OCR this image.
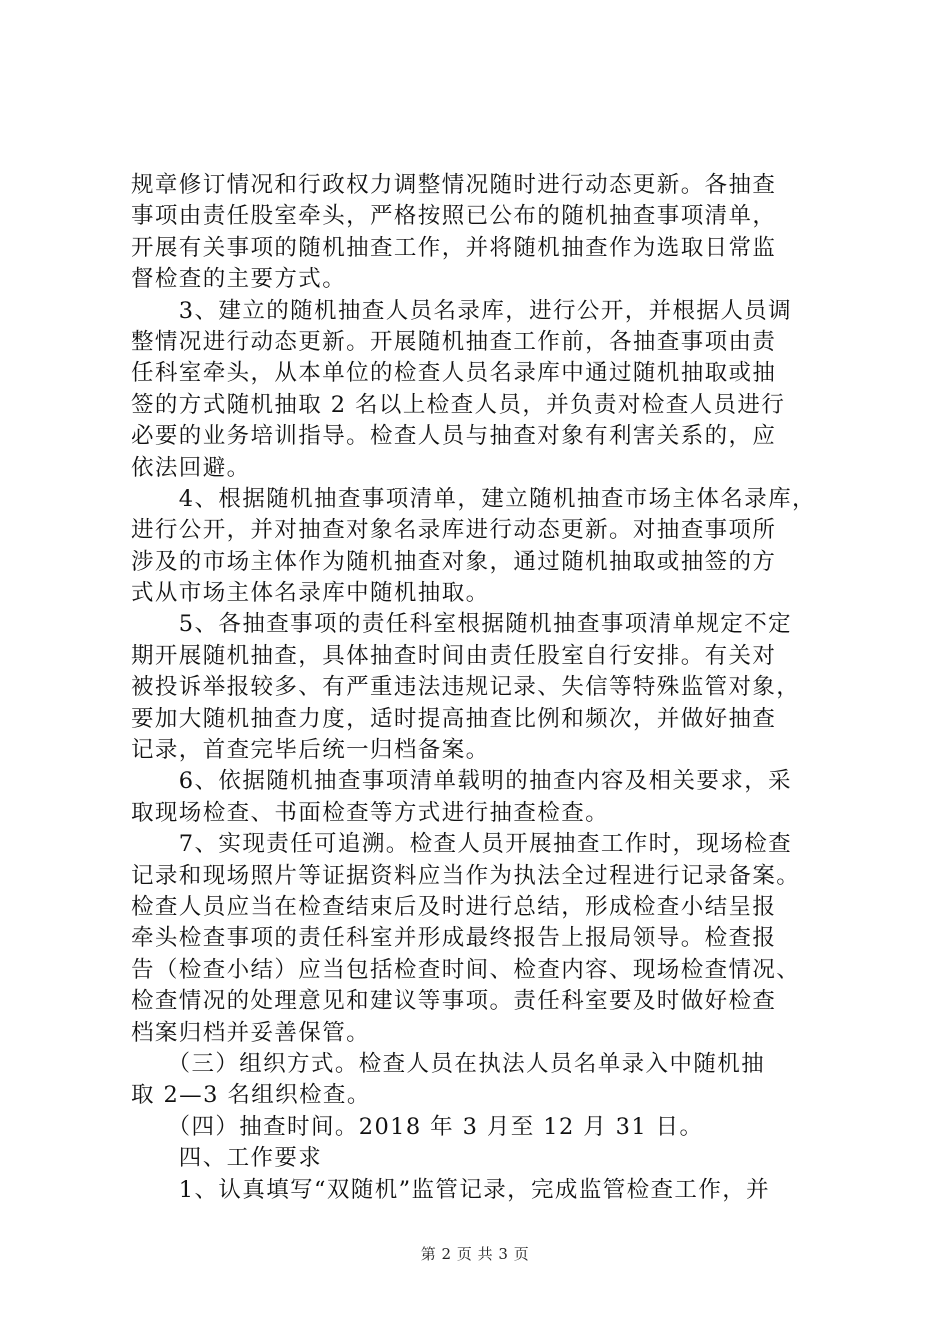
规章修订情况和行政权力调整情况随时进行动态更新。各抽查
事项由责任股室牵头，严格按照已公布的随机抽查事项清单，
开展有关事项的随机抽查工作，并将随机抽查作为选取日常监
督检查的主要方式。
　　3、建立的随机抽查人员名录库，进行公开，并根据人员调
整情况进行动态更新。开展随机抽查工作前，各抽查事项由责
任科室牵头，从本单位的检查人员名录库中通过随机抽取或抽
签的方式随机抽取 2 名以上检查人员，并负责对检查人员进行
必要的业务培训指导。检查人员与抽查对象有利害关系的，应
依法回避。
　　4、根据随机抽查事项清单，建立随机抽查市场主体名录库，
进行公开，并对抽查对象名录库进行动态更新。对抽查事项所
涉及的市场主体作为随机抽查对象，通过随机抽取或抽签的方
式从市场主体名录库中随机抽取。
　　5、各抽查事项的责任科室根据随机抽查事项清单规定不定
期开展随机抽查，具体抽查时间由责任股室自行安排。有关对
被投诉举报较多、有严重违法违规记录、失信等特殊监管对象，
要加大随机抽查力度，适时提高抽查比例和频次，并做好抽查
记录，首查完毕后统一归档备案。
　　6、依据随机抽查事项清单载明的抽查内容及相关要求，采
取现场检查、书面检查等方式进行抽查检查。
　　7、实现责任可追溯。检查人员开展抽查工作时，现场检查
记录和现场照片等证据资料应当作为执法全过程进行记录备案。
检查人员应当在检查结束后及时进行总结，形成检查小结呈报
牵头检查事项的责任科室并形成最终报告上报局领导。检查报
告（检查小结）应当包括检查时间、检查内容、现场检查情况、
检查情况的处理意见和建议等事项。责任科室要及时做好检查
档案归档并妥善保管。
　　（三）组织方式。检查人员在执法人员名单录入中随机抽
取 2—3 名组织检查。
　　（四）抽查时间。2018 年 3 月至 12 月 31 日。
　　四、工作要求
　　1、认真填写“双随机”监管记录，完成监管检查工作，并
第 2 页 共 3 页
